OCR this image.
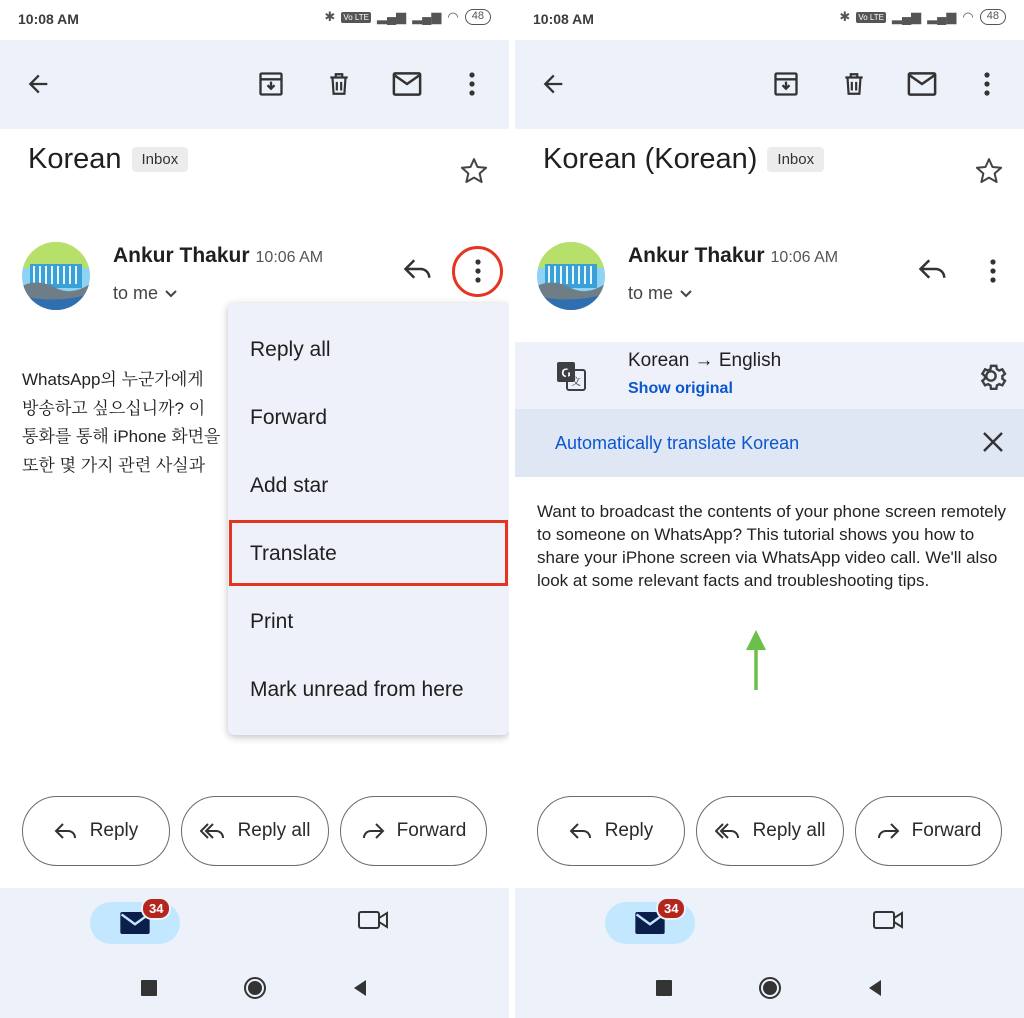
10:08 AM	✱ Vo LTE ▂▄▆ ▂▄▆ ◠	48
Korean	Inbox
Ankur Thakur 10:06 AM
to me
WhatsApp의 누군가에게
방송하고 싶으십니까? 이
통화를 통해 iPhone 화면을
또한 몇 가지 관련 사실과
Reply all
Forward
Add star
Translate
Print
Mark unread from here
Reply	Reply all	Forward
34
10:08 AM	✱ Vo LTE ▂▄▆ ▂▄▆ ◠	48
Korean (Korean)	Inbox
Ankur Thakur 10:06 AM
to me
G
文
Korean → English
Show original
Automatically translate Korean
Want to broadcast the contents of your phone screen remotely to someone on WhatsApp? This tutorial shows you how to share your iPhone screen via WhatsApp video call. We'll also look at some relevant facts and troubleshooting tips.
Reply	Reply all	Forward
34
